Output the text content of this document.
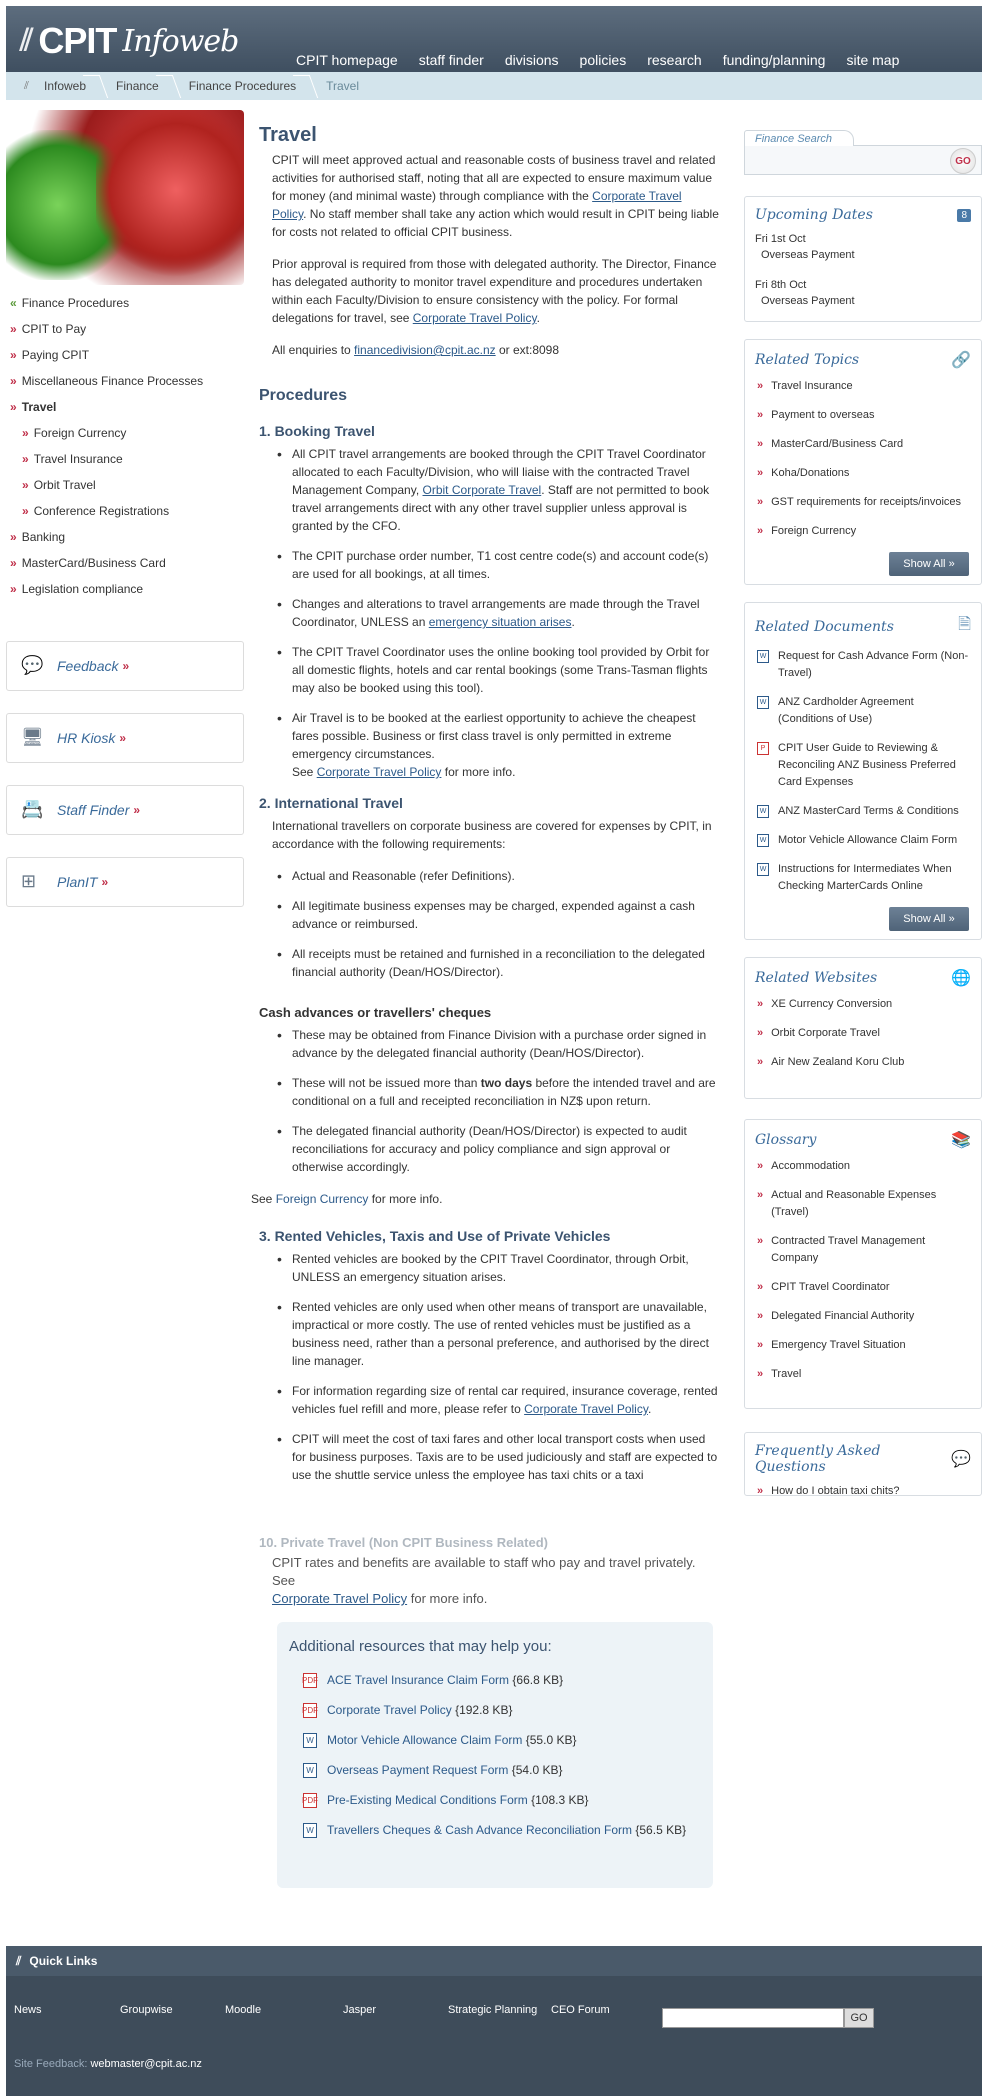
⫽ CPIT Infoweb
CPIT homepage staff finder divisions policies research funding/planning site map
⫽	Infoweb	Finance	Finance Procedures	Travel
« Finance Procedures
» CPIT to Pay
» Paying CPIT
» Miscellaneous Finance Processes
» Travel
» Foreign Currency
» Travel Insurance
» Orbit Travel
» Conference Registrations
» Banking
» MasterCard/Business Card
» Legislation compliance
💬 Feedback »
🖥 HR Kiosk »
📇 Staff Finder »
⊞	PlanIT »
Travel

CPIT will meet approved actual and reasonable costs of business travel and related activities for authorised staff, noting that all are expected to ensure maximum value for money (and minimal waste) through compliance with the Corporate Travel Policy. No staff member shall take any action which would result in CPIT being liable for costs not related to official CPIT business.

Prior approval is required from those with delegated authority. The Director, Finance has delegated authority to monitor travel expenditure and procedures undertaken within each Faculty/Division to ensure consistency with the policy. For formal delegations for travel, see Corporate Travel Policy.

All enquiries to financedivision@cpit.ac.nz or ext:8098

Procedures
1. Booking Travel
• All CPIT travel arrangements are booked through the CPIT Travel Coordinator allocated to each Faculty/Division, who will liaise with the contracted Travel Management Company, Orbit Corporate Travel. Staff are not permitted to book travel arrangements direct with any other travel supplier unless approval is granted by the CFO.
• The CPIT purchase order number, T1 cost centre code(s) and account code(s) are used for all bookings, at all times.
• Changes and alterations to travel arrangements are made through the Travel Coordinator, UNLESS an emergency situation arises.
• The CPIT Travel Coordinator uses the online booking tool provided by Orbit for all domestic flights, hotels and car rental bookings (some Trans-Tasman flights may also be booked using this tool).
• Air Travel is to be booked at the earliest opportunity to achieve the cheapest fares possible. Business or first class travel is only permitted in extreme emergency circumstances.
See Corporate Travel Policy for more info.
2. International Travel

International travellers on corporate business are covered for expenses by CPIT, in accordance with the following requirements:

• Actual and Reasonable (refer Definitions).
• All legitimate business expenses may be charged, expended against a cash advance or reimbursed.
• All receipts must be retained and furnished in a reconciliation to the delegated financial authority (Dean/HOS/Director).
Cash advances or travellers' cheques
• These may be obtained from Finance Division with a purchase order signed in advance by the delegated financial authority (Dean/HOS/Director).
• These will not be issued more than two days before the intended travel and are conditional on a full and receipted reconciliation in NZ$ upon return.
• The delegated financial authority (Dean/HOS/Director) is expected to audit reconciliations for accuracy and policy compliance and sign approval or otherwise accordingly.

See Foreign Currency for more info.

3. Rented Vehicles, Taxis and Use of Private Vehicles
• Rented vehicles are booked by the CPIT Travel Coordinator, through Orbit, UNLESS an emergency situation arises.
• Rented vehicles are only used when other means of transport are unavailable, impractical or more costly. The use of rented vehicles must be justified as a business need, rather than a personal preference, and authorised by the direct line manager.
• For information regarding size of rental car required, insurance coverage, rented vehicles fuel refill and more, please refer to Corporate Travel Policy.
• CPIT will meet the cost of taxi fares and other local transport costs when used for business purposes. Taxis are to be used judiciously and staff are expected to use the shuttle service unless the employee has taxi chits or a taxi
10. Private Travel (Non CPIT Business Related)
CPIT rates and benefits are available to staff who pay and travel privately. See
Corporate Travel Policy for more info.
Additional resources that may help you:
PDF ACE Travel Insurance Claim Form {66.8 KB}
PDF Corporate Travel Policy {192.8 KB}
W Motor Vehicle Allowance Claim Form {55.0 KB}
W Overseas Payment Request Form {54.0 KB}
PDF Pre-Existing Medical Conditions Form {108.3 KB}
W Travellers Cheques & Cash Advance Reconciliation Form {56.5 KB}
Finance Search
GO
Upcoming Dates	8
Fri 1st Oct
Overseas Payment
Fri 8th Oct
Overseas Payment
Related Topics	🔗
» Travel Insurance
» Payment to overseas
» MasterCard/Business Card
» Koha/Donations
» GST requirements for receipts/invoices
» Foreign Currency
Show All
»
Related Documents	🗎
W Request for Cash Advance Form (Non-Travel)
W ANZ Cardholder Agreement (Conditions of Use)
P	CPIT User Guide to Reviewing & Reconciling ANZ Business Preferred Card Expenses
W ANZ MasterCard Terms & Conditions
W Motor Vehicle Allowance Claim Form
W Instructions for Intermediates When Checking MarterCards Online
Show All
»
Related Websites	🌐
» XE Currency Conversion
» Orbit Corporate Travel
» Air New Zealand Koru Club
Glossary	📚
» Accommodation
» Actual and Reasonable Expenses (Travel)
» Contracted Travel Management Company
» CPIT Travel Coordinator
» Delegated Financial Authority
» Emergency Travel Situation
» Travel
Frequently Asked Questions	💬
» How do I obtain taxi chits?
⫽ Quick Links
News	Groupwise	Moodle	Jasper	Strategic Planning	CEO Forum
GO
Site Feedback: webmaster@cpit.ac.nz
